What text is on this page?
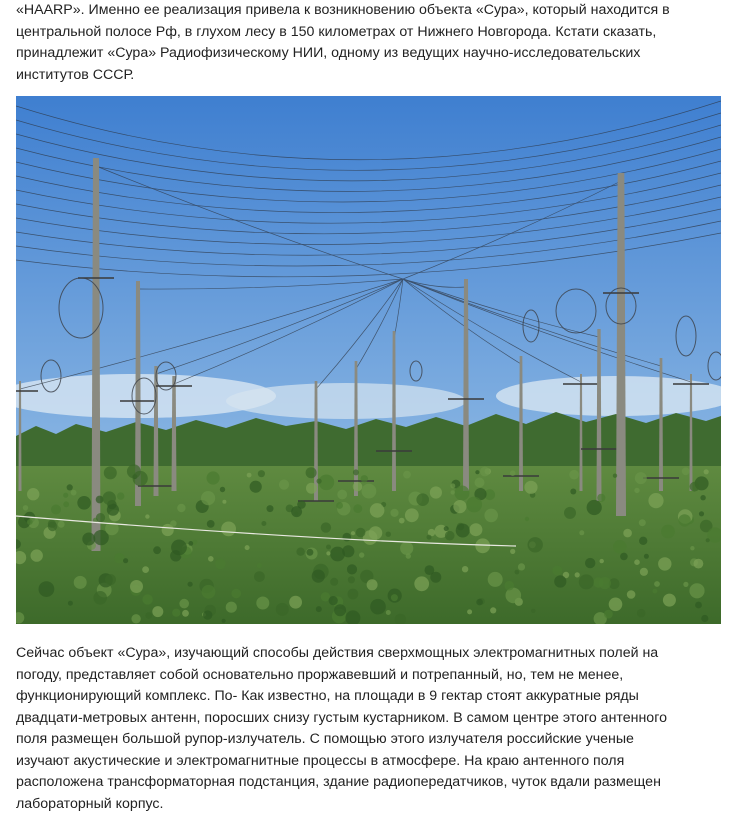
«HAARP». Именно ее реализация привела к возникновению объекта «Сура», который находится в
центральной полосе Рф, в глухом лесу в 150 километрах от Нижнего Новгорода. Кстати сказать,
принадлежит «Сура» Радиофизическому НИИ, одному из ведущих научно-исследовательских
институтов СССР.
Сейчас объект «Сура», изучающий способы действия сверхмощных электромагнитных полей на
погоду, представляет собой основательно проржавевший и потрепанный, но, тем не менее,
функционирующий комплекс. По- Как известно, на площади в 9 гектар стоят аккуратные ряды
двадцати-метровых антенн, поросших снизу густым кустарником. В самом центре этого антенного
поля размещен большой рупор-излучатель. С помощью этого излучателя российские ученые
изучают акустические и электромагнитные процессы в атмосфере. На краю антенного поля
расположена трансформаторная подстанция, здание радиопередатчиков, чуток вдали размещен
лабораторный корпус.
